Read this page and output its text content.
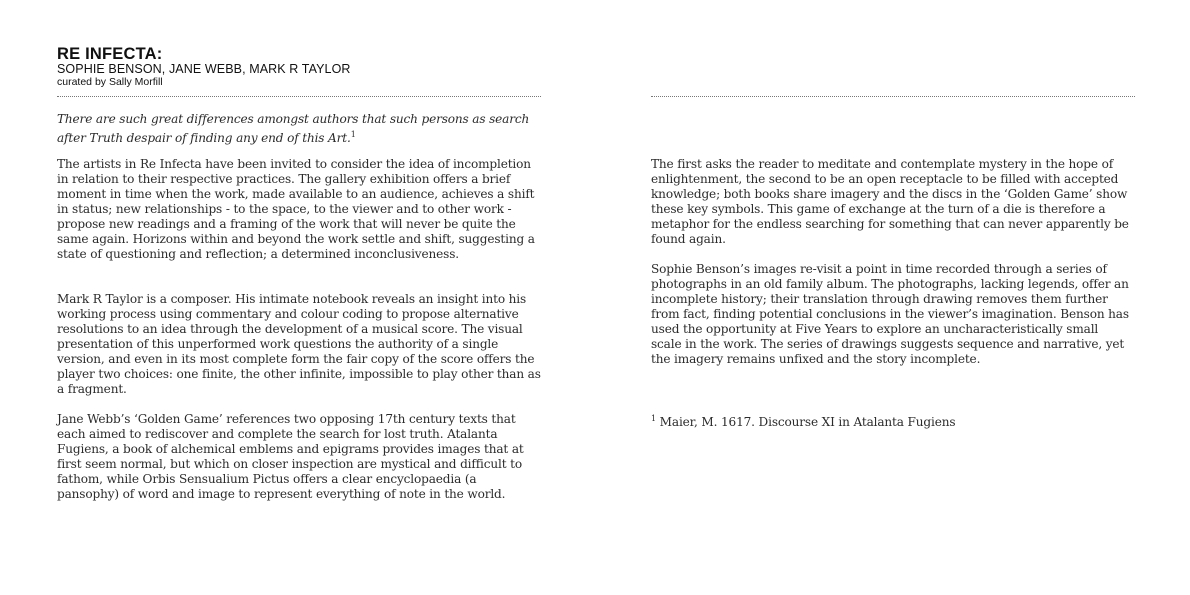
RE INFECTA:
SOPHIE BENSON, JANE WEBB, MARK R TAYLOR
curated by Sally Morfill

There are such great differences amongst authors that such persons as search after Truth despair of finding any end of this Art.$^1$

The artists in Re Infecta have been invited to consider the idea of incompletion in relation to their respective practices. The gallery exhibition offers a brief moment in time when the work, made available to an audience, achieves a shift in status; new relationships - to the space, to the viewer and to other work - propose new readings and a framing of the work that will never be quite the same again. Horizons within and beyond the work settle and shift, suggesting a state of questioning and reflection; a determined inconclusiveness.

Mark R Taylor is a composer. His intimate notebook reveals an insight into his working process using commentary and colour coding to propose alternative resolutions to an idea through the development of a musical score. The visual presentation of this unperformed work questions the authority of a single version, and even in its most complete form the fair copy of the score offers the player two choices: one finite, the other infinite, impossible to play other than as a fragment.

Jane Webb’s ‘Golden Game’ references two opposing 17th century texts that each aimed to rediscover and complete the search for lost truth. Atalanta Fugiens, a book of alchemical emblems and epigrams provides images that at first seem normal, but which on closer inspection are mystical and difficult to fathom, while Orbis Sensualium Pictus offers a clear encyclopaedia (a pansophy) of word and image to represent everything of note in the world.

The first asks the reader to meditate and contemplate mystery in the hope of enlightenment, the second to be an open receptacle to be filled with accepted knowledge; both books share imagery and the discs in the ‘Golden Game’ show these key symbols. This game of exchange at the turn of a die is therefore a metaphor for the endless searching for something that can never apparently be found again.

Sophie Benson’s images re-visit a point in time recorded through a series of photographs in an old family album. The photographs, lacking legends, offer an incomplete history; their translation through drawing removes them further from fact, finding potential conclusions in the viewer’s imagination. Benson has used the opportunity at Five Years to explore an uncharacteristically small scale in the work. The series of drawings suggests sequence and narrative, yet the imagery remains unfixed and the story incomplete.

$^1$ Maier, M. 1617. Discourse XI in Atalanta Fugiens
